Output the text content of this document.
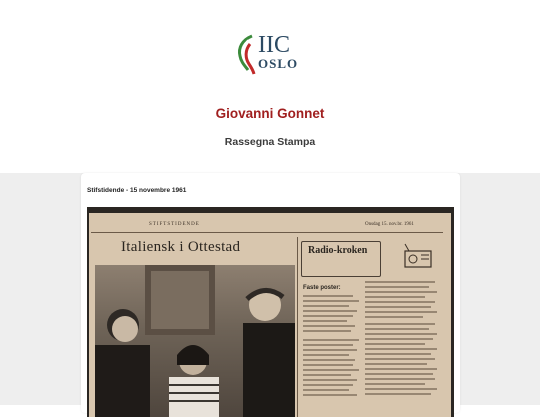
IIC
OSLO
Giovanni Gonnet
Rassegna Stampa
Stifstidende - 15 novembre 1961
STIFTSTIDENDE	Onsdag 15. nov.br. 1961
Italiensk i Ottestad	Radio-kroken
Faste poster:
